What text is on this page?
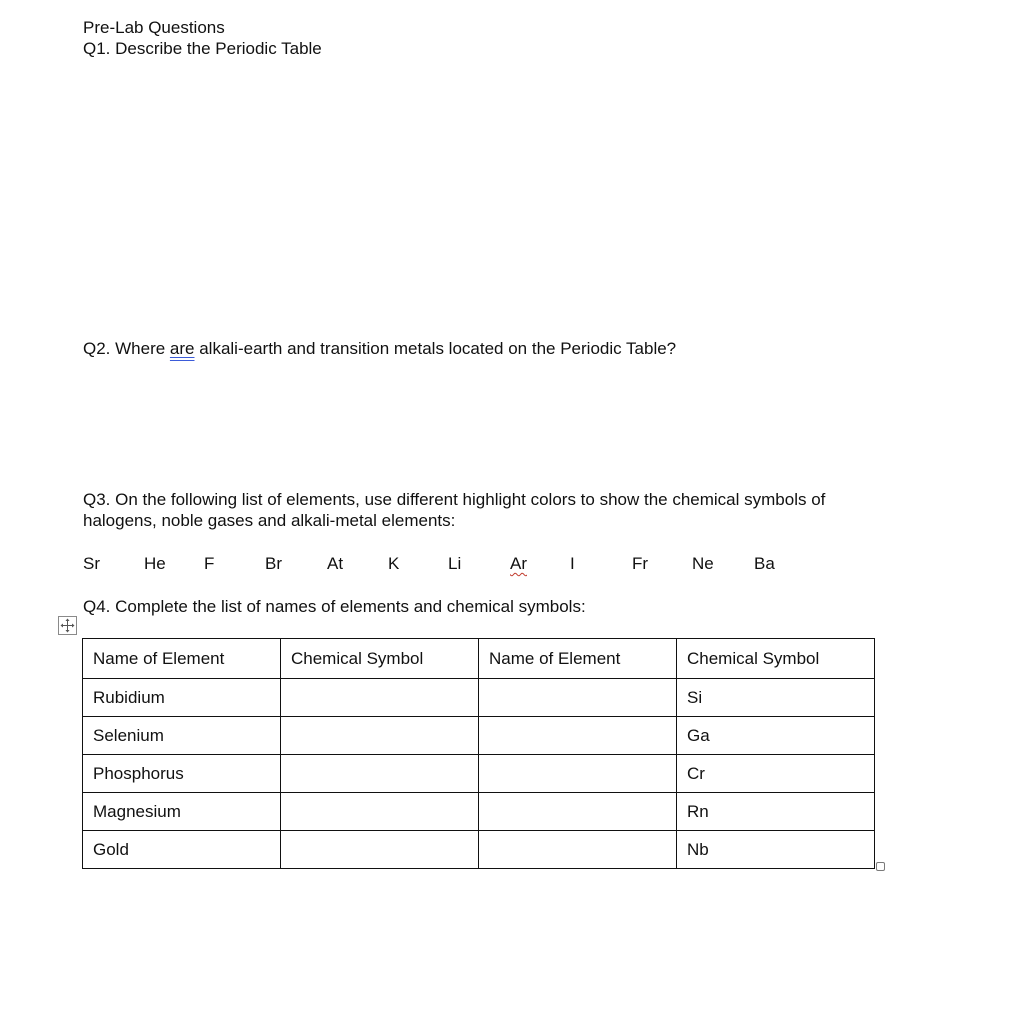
Pre-Lab Questions
Q1. Describe the Periodic Table
Q2. Where are alkali-earth and transition metals located on the Periodic Table?
Q3. On the following list of elements, use different highlight colors to show the chemical symbols of
halogens, noble gases and alkali-metal elements:
Sr	He F	Br	At	K	Li	Ar	I	Fr	Ne Ba
Q4. Complete the list of names of elements and chemical symbols:
Name of Element	Chemical Symbol	Name of Element	Chemical Symbol
Rubidium			Si
Selenium			Ga
Phosphorus			Cr
Magnesium			Rn
Gold			Nb
